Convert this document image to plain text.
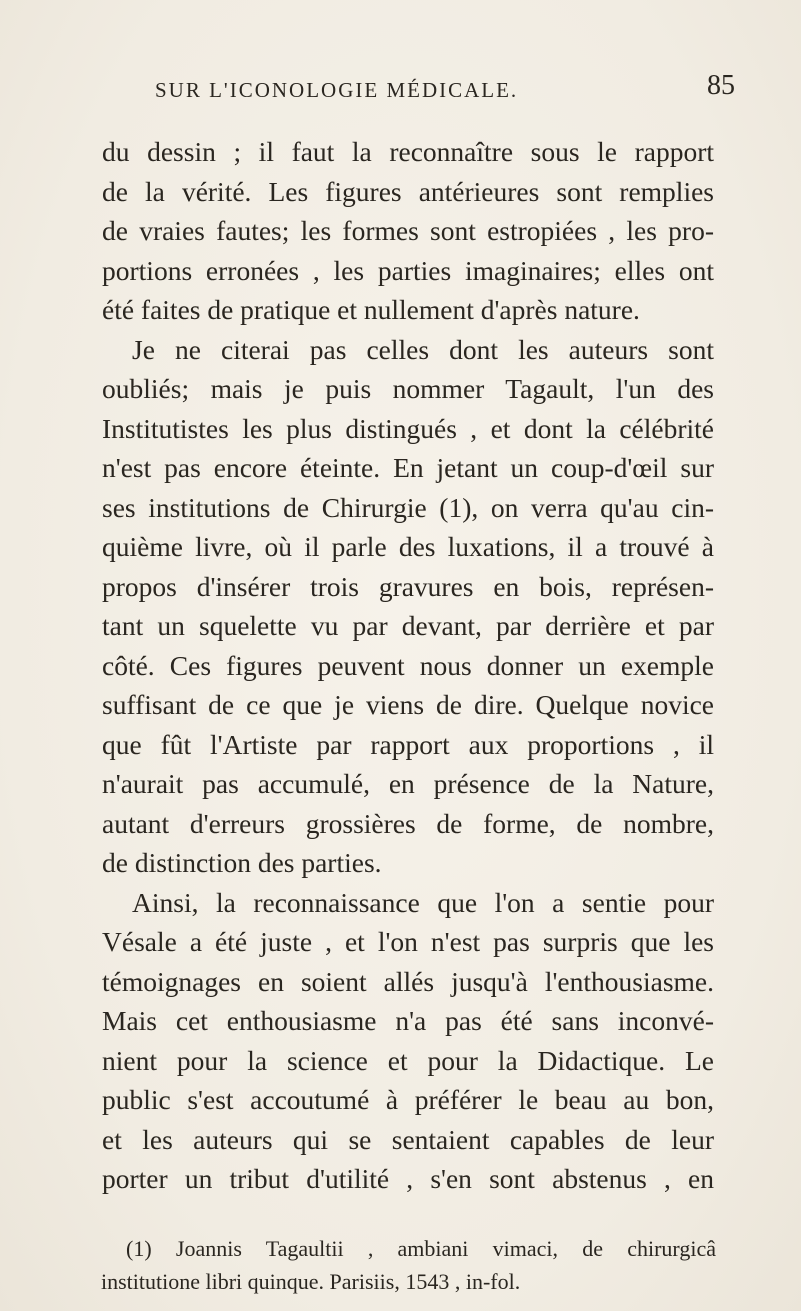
SUR L'ICONOLOGIE MÉDICALE.	85
du dessin ; il faut la reconnaître sous le rapport
de la vérité. Les figures antérieures sont remplies
de vraies fautes; les formes sont estropiées , les pro-
portions erronées , les parties imaginaires; elles ont
été faites de pratique et nullement d'après nature.
Je ne citerai pas celles dont les auteurs sont
oubliés; mais je puis nommer Tagault, l'un des
Institutistes les plus distingués , et dont la célébrité
n'est pas encore éteinte. En jetant un coup-d'œil sur
ses institutions de Chirurgie (1), on verra qu'au cin-
quième livre, où il parle des luxations, il a trouvé à
propos d'insérer trois gravures en bois, représen-
tant un squelette vu par devant, par derrière et par
côté. Ces figures peuvent nous donner un exemple
suffisant de ce que je viens de dire. Quelque novice
que fût l'Artiste par rapport aux proportions , il
n'aurait pas accumulé, en présence de la Nature,
autant d'erreurs grossières de forme, de nombre,
de distinction des parties.
Ainsi, la reconnaissance que l'on a sentie pour
Vésale a été juste , et l'on n'est pas surpris que les
témoignages en soient allés jusqu'à l'enthousiasme.
Mais cet enthousiasme n'a pas été sans inconvé-
nient pour la science et pour la Didactique. Le
public s'est accoutumé à préférer le beau au bon,
et les auteurs qui se sentaient capables de leur
porter un tribut d'utilité , s'en sont abstenus , en
(1) Joannis Tagaultii , ambiani vimaci, de chirurgicâ
institutione libri quinque. Parisiis, 1543 , in-fol.
